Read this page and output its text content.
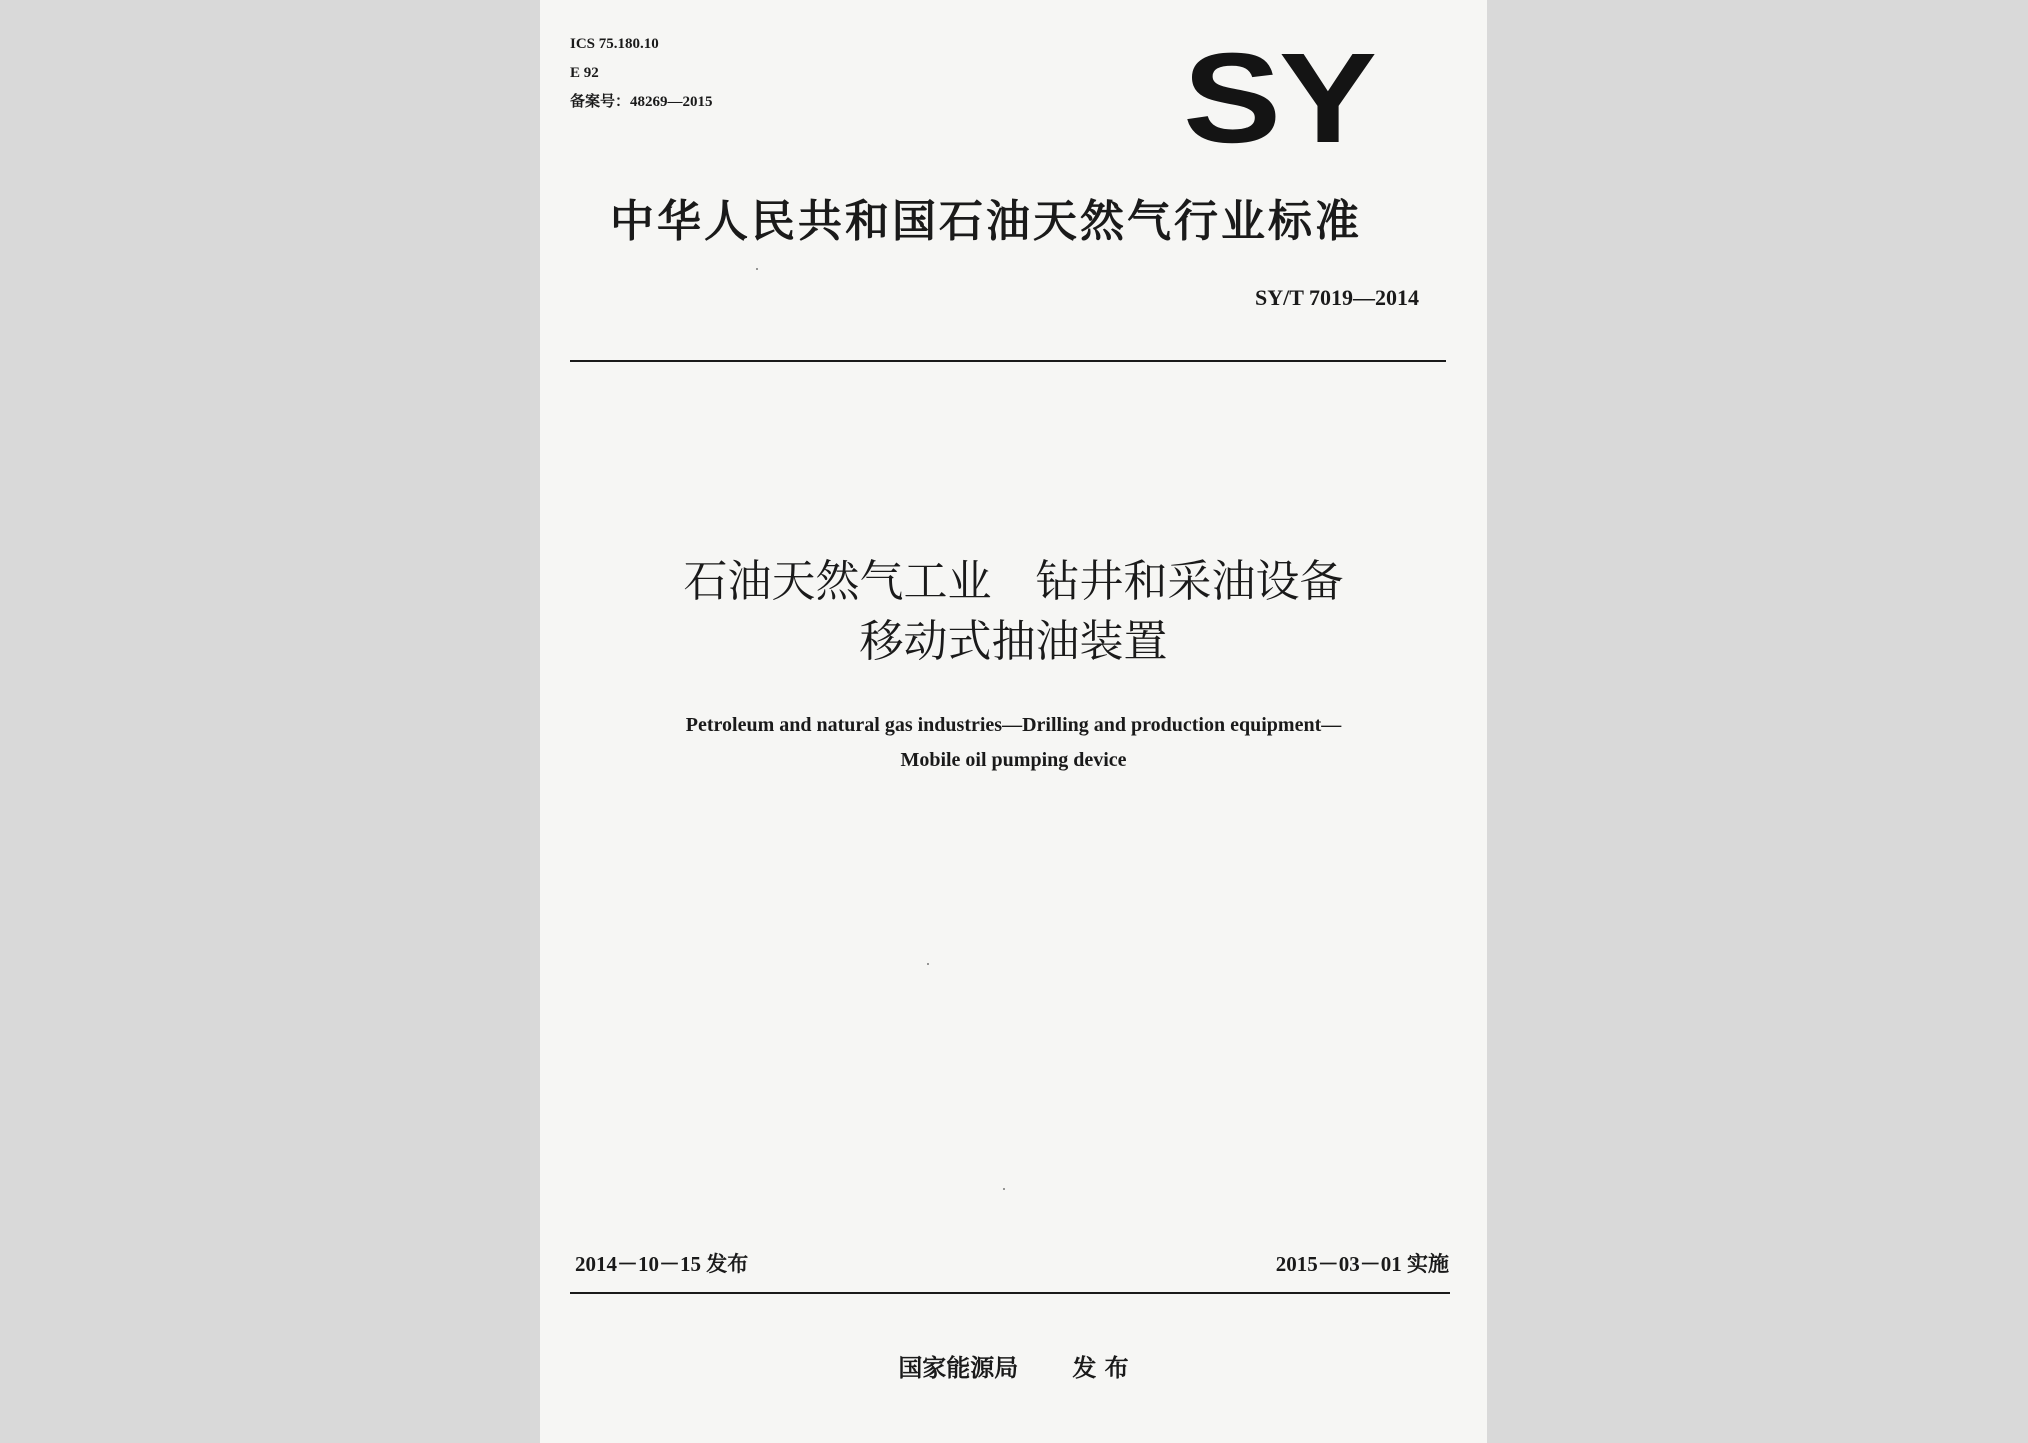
ICS 75.180.10
E 92
备案号：48269—2015	SY
中华人民共和国石油天然气行业标准
SY/T 7019—2014
石油天然气工业 钻井和采油设备
移动式抽油装置
Petroleum and natural gas industries—Drilling and production equipment—
Mobile oil pumping device
2014－10－15 发布	2015－03－01 实施
国家能源局 发 布
